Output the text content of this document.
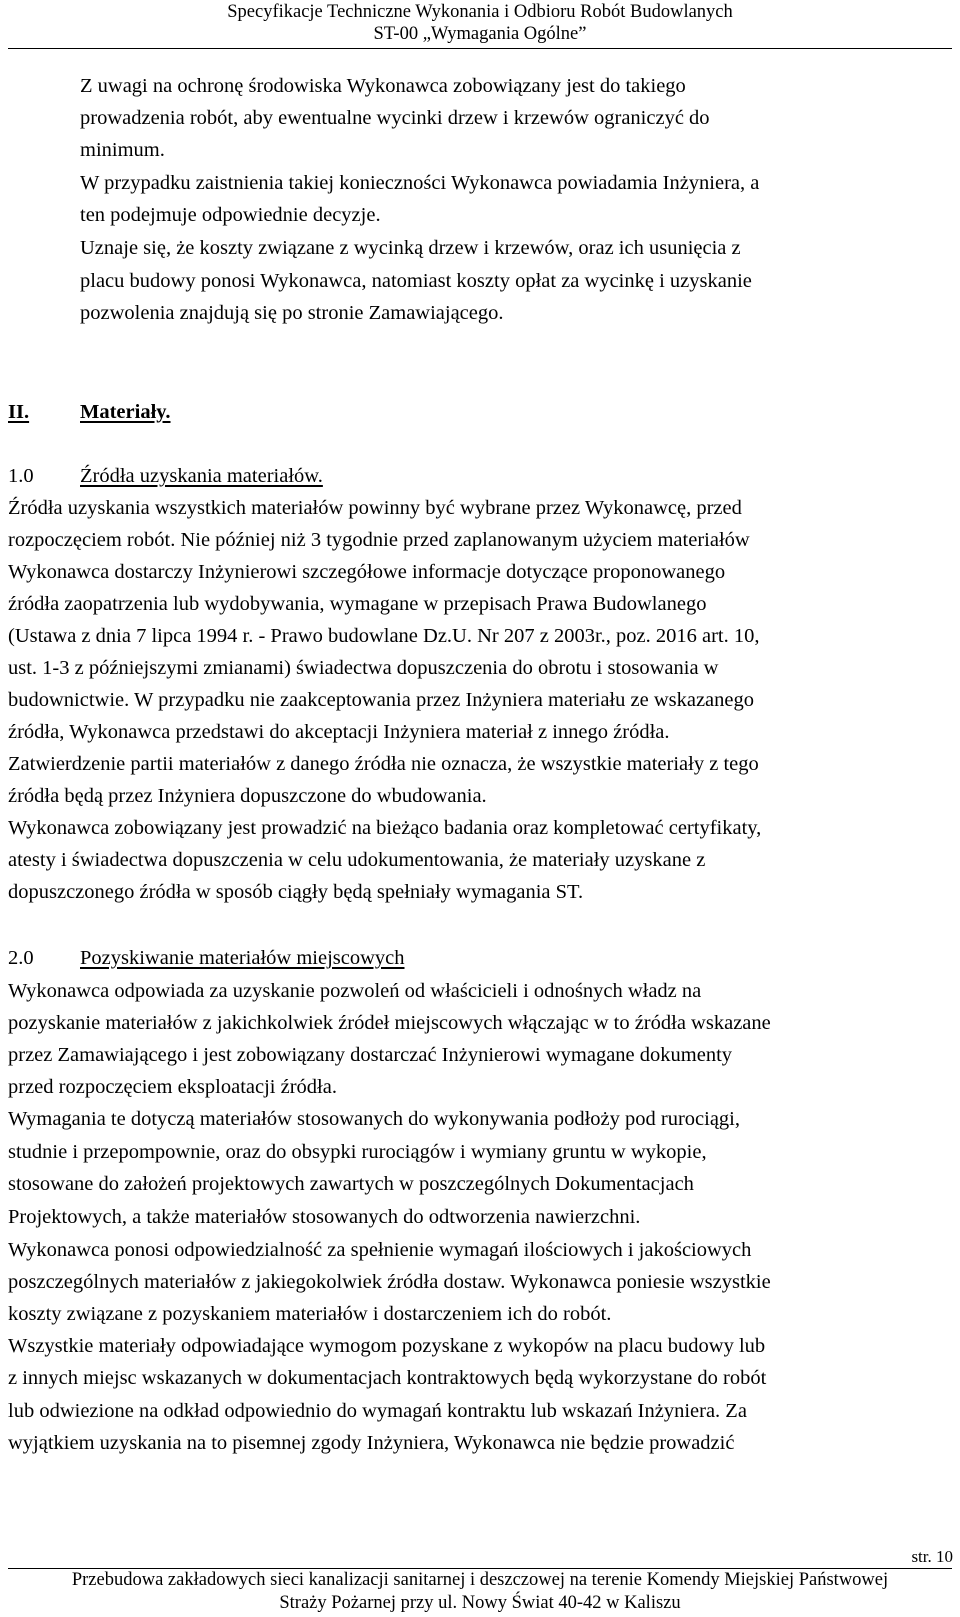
Specyfikacje Techniczne Wykonania i Odbioru Robót Budowlanych
ST-00 „Wymagania Ogólne”
Z uwagi na ochronę środowiska Wykonawca zobowiązany jest do takiego
prowadzenia robót, aby ewentualne wycinki drzew i krzewów ograniczyć do
minimum.
W przypadku zaistnienia takiej konieczności Wykonawca powiadamia Inżyniera, a
ten podejmuje odpowiednie decyzje.
Uznaje się, że koszty związane z wycinką drzew i krzewów, oraz ich usunięcia z
placu budowy ponosi Wykonawca, natomiast koszty opłat za wycinkę i uzyskanie
pozwolenia znajdują się po stronie Zamawiającego.
II. Materiały.
1.0 Źródła uzyskania materiałów.
Źródła uzyskania wszystkich materiałów powinny być wybrane przez Wykonawcę, przed
rozpoczęciem robót. Nie później niż 3 tygodnie przed zaplanowanym użyciem materiałów
Wykonawca dostarczy Inżynierowi szczegółowe informacje dotyczące proponowanego
źródła zaopatrzenia lub wydobywania, wymagane w przepisach Prawa Budowlanego
(Ustawa z dnia 7 lipca 1994 r. - Prawo budowlane Dz.U. Nr 207 z 2003r., poz. 2016 art. 10,
ust. 1-3 z późniejszymi zmianami) świadectwa dopuszczenia do obrotu i stosowania w
budownictwie. W przypadku nie zaakceptowania przez Inżyniera materiału ze wskazanego
źródła, Wykonawca przedstawi do akceptacji Inżyniera materiał z innego źródła.
Zatwierdzenie partii materiałów z danego źródła nie oznacza, że wszystkie materiały z tego
źródła będą przez Inżyniera dopuszczone do wbudowania.
Wykonawca zobowiązany jest prowadzić na bieżąco badania oraz kompletować certyfikaty,
atesty i świadectwa dopuszczenia w celu udokumentowania, że materiały uzyskane z
dopuszczonego źródła w sposób ciągły będą spełniały wymagania ST.
2.0 Pozyskiwanie materiałów miejscowych
Wykonawca odpowiada za uzyskanie pozwoleń od właścicieli i odnośnych władz na
pozyskanie materiałów z jakichkolwiek źródeł miejscowych włączając w to źródła wskazane
przez Zamawiającego i jest zobowiązany dostarczać Inżynierowi wymagane dokumenty
przed rozpoczęciem eksploatacji źródła.
Wymagania te dotyczą materiałów stosowanych do wykonywania podłoży pod rurociągi,
studnie i przepompownie, oraz do obsypki rurociągów i wymiany gruntu w wykopie,
stosowane do założeń projektowych zawartych w poszczególnych Dokumentacjach
Projektowych, a także materiałów stosowanych do odtworzenia nawierzchni.
Wykonawca ponosi odpowiedzialność za spełnienie wymagań ilościowych i jakościowych
poszczególnych materiałów z jakiegokolwiek źródła dostaw. Wykonawca poniesie wszystkie
koszty związane z pozyskaniem materiałów i dostarczeniem ich do robót.
Wszystkie materiały odpowiadające wymogom pozyskane z wykopów na placu budowy lub
z innych miejsc wskazanych w dokumentacjach kontraktowych będą wykorzystane do robót
lub odwiezione na odkład odpowiednio do wymagań kontraktu lub wskazań Inżyniera. Za
wyjątkiem uzyskania na to pisemnej zgody Inżyniera, Wykonawca nie będzie prowadzić
str. 10
Przebudowa zakładowych sieci kanalizacji sanitarnej i deszczowej na terenie Komendy Miejskiej Państwowej
Straży Pożarnej przy ul. Nowy Świat 40-42 w Kaliszu
